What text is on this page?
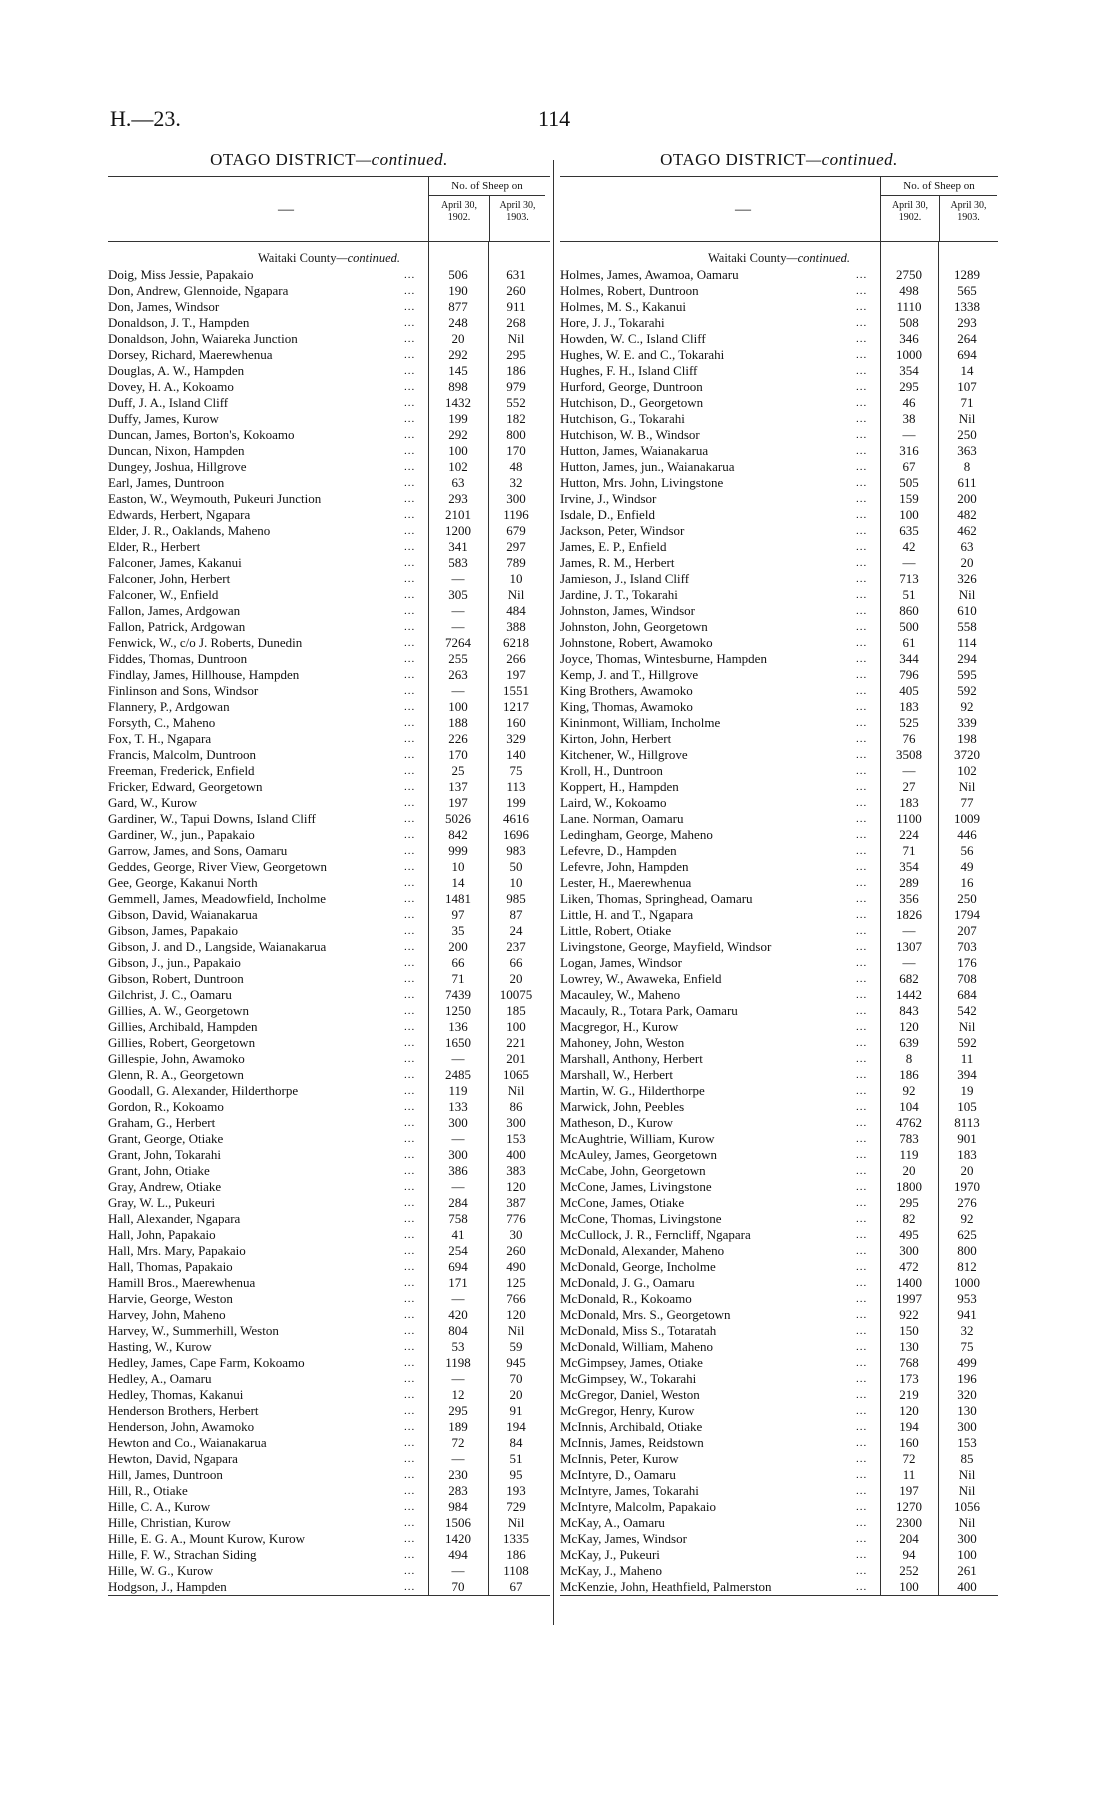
H.—23.	114
OTAGO DISTRICT—continued.
—
No. of Sheep on
April 30,
1902.
April 30,
1903.
Waitaki County—continued.
Doig, Miss Jessie, Papakaio	...	506	631
Don, Andrew, Glennoide, Ngapara	...	190	260
Don, James, Windsor	...	877	911
Donaldson, J. T., Hampden	...	248	268
Donaldson, John, Waiareka Junction	...	20	Nil
Dorsey, Richard, Maerewhenua	...	292	295
Douglas, A. W., Hampden	...	145	186
Dovey, H. A., Kokoamo	...	898	979
Duff, J. A., Island Cliff	...	1432	552
Duffy, James, Kurow	...	199	182
Duncan, James, Borton's, Kokoamo	...	292	800
Duncan, Nixon, Hampden	...	100	170
Dungey, Joshua, Hillgrove	...	102	48
Earl, James, Duntroon	...	63	32
Easton, W., Weymouth, Pukeuri Junction	...	293	300
Edwards, Herbert, Ngapara	...	2101	1196
Elder, J. R., Oaklands, Maheno	...	1200	679
Elder, R., Herbert	...	341	297
Falconer, James, Kakanui	...	583	789
Falconer, John, Herbert	...	—	10
Falconer, W., Enfield	...	305	Nil
Fallon, James, Ardgowan	...	—	484
Fallon, Patrick, Ardgowan	...	—	388
Fenwick, W., c/o J. Roberts, Dunedin	...	7264	6218
Fiddes, Thomas, Duntroon	...	255	266
Findlay, James, Hillhouse, Hampden	...	263	197
Finlinson and Sons, Windsor	...	—	1551
Flannery, P., Ardgowan	...	100	1217
Forsyth, C., Maheno	...	188	160
Fox, T. H., Ngapara	...	226	329
Francis, Malcolm, Duntroon	...	170	140
Freeman, Frederick, Enfield	...	25	75
Fricker, Edward, Georgetown	...	137	113
Gard, W., Kurow	...	197	199
Gardiner, W., Tapui Downs, Island Cliff	...	5026	4616
Gardiner, W., jun., Papakaio	...	842	1696
Garrow, James, and Sons, Oamaru	...	999	983
Geddes, George, River View, Georgetown	...	10	50
Gee, George, Kakanui North	...	14	10
Gemmell, James, Meadowfield, Incholme	...	1481	985
Gibson, David, Waianakarua	...	97	87
Gibson, James, Papakaio	...	35	24
Gibson, J. and D., Langside, Waianakarua	...	200	237
Gibson, J., jun., Papakaio	...	66	66
Gibson, Robert, Duntroon	...	71	20
Gilchrist, J. C., Oamaru	...	7439	10075
Gillies, A. W., Georgetown	...	1250	185
Gillies, Archibald, Hampden	...	136	100
Gillies, Robert, Georgetown	...	1650	221
Gillespie, John, Awamoko	...	—	201
Glenn, R. A., Georgetown	...	2485	1065
Goodall, G. Alexander, Hilderthorpe	...	119	Nil
Gordon, R., Kokoamo	...	133	86
Graham, G., Herbert	...	300	300
Grant, George, Otiake	...	—	153
Grant, John, Tokarahi	...	300	400
Grant, John, Otiake	...	386	383
Gray, Andrew, Otiake	...	—	120
Gray, W. L., Pukeuri	...	284	387
Hall, Alexander, Ngapara	...	758	776
Hall, John, Papakaio	...	41	30
Hall, Mrs. Mary, Papakaio	...	254	260
Hall, Thomas, Papakaio	...	694	490
Hamill Bros., Maerewhenua	...	171	125
Harvie, George, Weston	...	—	766
Harvey, John, Maheno	...	420	120
Harvey, W., Summerhill, Weston	...	804	Nil
Hasting, W., Kurow	...	53	59
Hedley, James, Cape Farm, Kokoamo	...	1198	945
Hedley, A., Oamaru	...	—	70
Hedley, Thomas, Kakanui	...	12	20
Henderson Brothers, Herbert	...	295	91
Henderson, John, Awamoko	...	189	194
Hewton and Co., Waianakarua	...	72	84
Hewton, David, Ngapara	...	—	51
Hill, James, Duntroon	...	230	95
Hill, R., Otiake	...	283	193
Hille, C. A., Kurow	...	984	729
Hille, Christian, Kurow	...	1506	Nil
Hille, E. G. A., Mount Kurow, Kurow	...	1420	1335
Hille, F. W., Strachan Siding	...	494	186
Hille, W. G., Kurow	...	—	1108
Hodgson, J., Hampden	...	70	67
OTAGO DISTRICT—continued.
—
No. of Sheep on
April 30,
1902.
April 30,
1903.
Waitaki County—continued.
Holmes, James, Awamoa, Oamaru	...	2750	1289
Holmes, Robert, Duntroon	...	498	565
Holmes, M. S., Kakanui	...	1110	1338
Hore, J. J., Tokarahi	...	508	293
Howden, W. C., Island Cliff	...	346	264
Hughes, W. E. and C., Tokarahi	...	1000	694
Hughes, F. H., Island Cliff	...	354	14
Hurford, George, Duntroon	...	295	107
Hutchison, D., Georgetown	...	46	71
Hutchison, G., Tokarahi	...	38	Nil
Hutchison, W. B., Windsor	...	—	250
Hutton, James, Waianakarua	...	316	363
Hutton, James, jun., Waianakarua	...	67	8
Hutton, Mrs. John, Livingstone	...	505	611
Irvine, J., Windsor	...	159	200
Isdale, D., Enfield	...	100	482
Jackson, Peter, Windsor	...	635	462
James, E. P., Enfield	...	42	63
James, R. M., Herbert	...	—	20
Jamieson, J., Island Cliff	...	713	326
Jardine, J. T., Tokarahi	...	51	Nil
Johnston, James, Windsor	...	860	610
Johnston, John, Georgetown	...	500	558
Johnstone, Robert, Awamoko	...	61	114
Joyce, Thomas, Wintesburne, Hampden	...	344	294
Kemp, J. and T., Hillgrove	...	796	595
King Brothers, Awamoko	...	405	592
King, Thomas, Awamoko	...	183	92
Kininmont, William, Incholme	...	525	339
Kirton, John, Herbert	...	76	198
Kitchener, W., Hillgrove	...	3508	3720
Kroll, H., Duntroon	...	—	102
Koppert, H., Hampden	...	27	Nil
Laird, W., Kokoamo	...	183	77
Lane. Norman, Oamaru	...	1100	1009
Ledingham, George, Maheno	...	224	446
Lefevre, D., Hampden	...	71	56
Lefevre, John, Hampden	...	354	49
Lester, H., Maerewhenua	...	289	16
Liken, Thomas, Springhead, Oamaru	...	356	250
Little, H. and T., Ngapara	...	1826	1794
Little, Robert, Otiake	...	—	207
Livingstone, George, Mayfield, Windsor	...	1307	703
Logan, James, Windsor	...	—	176
Lowrey, W., Awaweka, Enfield	...	682	708
Macauley, W., Maheno	...	1442	684
Macauly, R., Totara Park, Oamaru	...	843	542
Macgregor, H., Kurow	...	120	Nil
Mahoney, John, Weston	...	639	592
Marshall, Anthony, Herbert	...	8	11
Marshall, W., Herbert	...	186	394
Martin, W. G., Hilderthorpe	...	92	19
Marwick, John, Peebles	...	104	105
Matheson, D., Kurow	...	4762	8113
McAughtrie, William, Kurow	...	783	901
McAuley, James, Georgetown	...	119	183
McCabe, John, Georgetown	...	20	20
McCone, James, Livingstone	...	1800	1970
McCone, James, Otiake	...	295	276
McCone, Thomas, Livingstone	...	82	92
McCullock, J. R., Ferncliff, Ngapara	...	495	625
McDonald, Alexander, Maheno	...	300	800
McDonald, George, Incholme	...	472	812
McDonald, J. G., Oamaru	...	1400	1000
McDonald, R., Kokoamo	...	1997	953
McDonald, Mrs. S., Georgetown	...	922	941
McDonald, Miss S., Totaratah	...	150	32
McDonald, William, Maheno	...	130	75
McGimpsey, James, Otiake	...	768	499
McGimpsey, W., Tokarahi	...	173	196
McGregor, Daniel, Weston	...	219	320
McGregor, Henry, Kurow	...	120	130
McInnis, Archibald, Otiake	...	194	300
McInnis, James, Reidstown	...	160	153
McInnis, Peter, Kurow	...	72	85
McIntyre, D., Oamaru	...	11	Nil
McIntyre, James, Tokarahi	...	197	Nil
McIntyre, Malcolm, Papakaio	...	1270	1056
McKay, A., Oamaru	...	2300	Nil
McKay, James, Windsor	...	204	300
McKay, J., Pukeuri	...	94	100
McKay, J., Maheno	...	252	261
McKenzie, John, Heathfield, Palmerston	...	100	400
